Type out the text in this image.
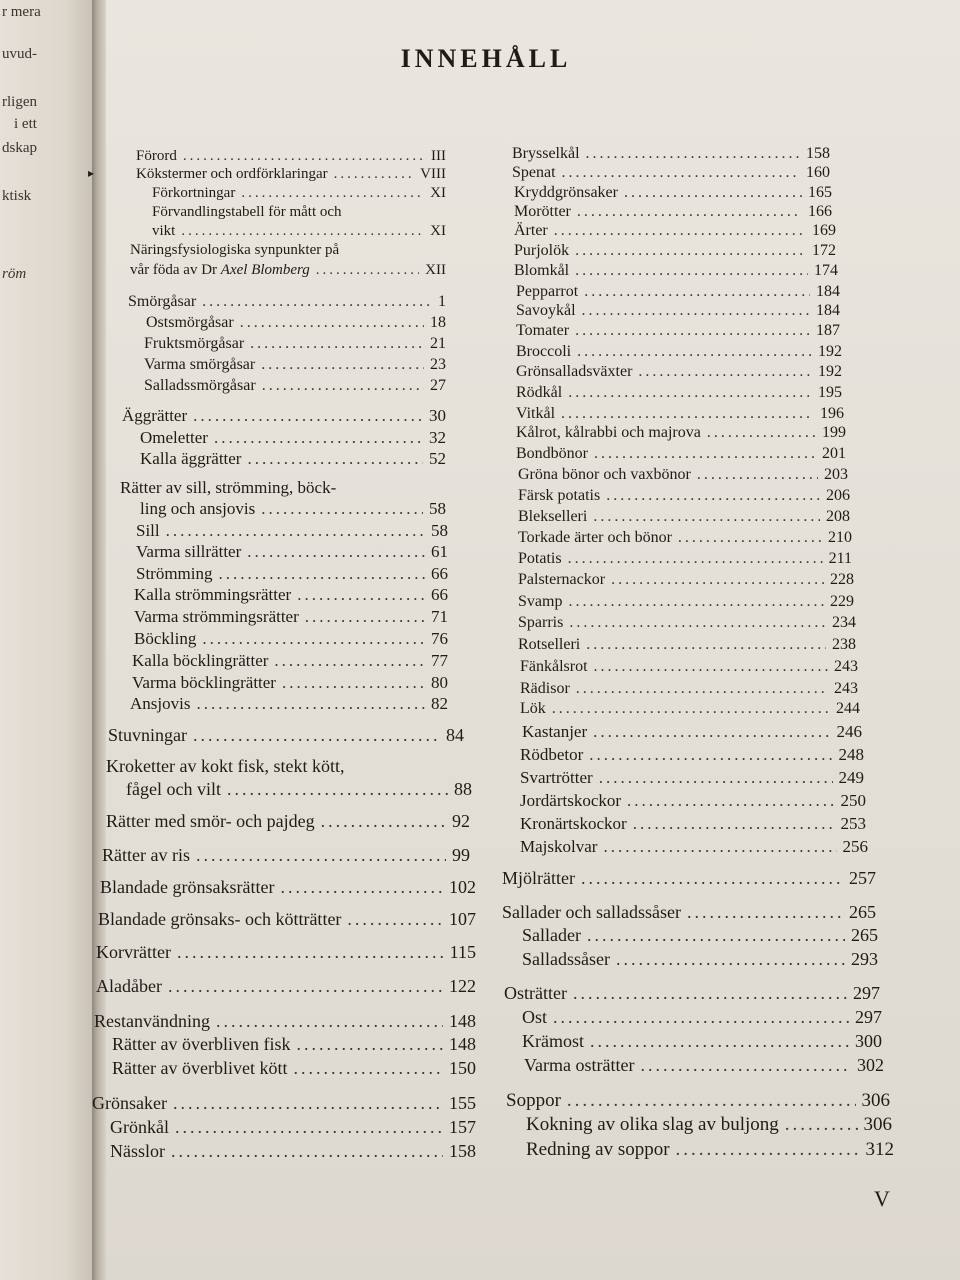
r mera
uvud-
rligen
i ett
dskap
ktisk
röm
INNEHÅLL
Förord .....	III
Kökstermer och ordförklaringar .....	VIII
Förkortningar .....	XI
Förvandlingstabell för mått och
vikt .....	XI
Näringsfysiologiska synpunkter på
vår föda av Dr Axel Blomberg .....	XII
Smörgåsar .....	1
Ostsmörgåsar .....	18
Fruktsmörgåsar .....	21
Varma smörgåsar .....	23
Salladssmörgåsar .....	27
Äggrätter .....	30
Omeletter .....	32
Kalla äggrätter .....	52
Rätter av sill, strömming, böck-
ling och ansjovis .....	58
Sill .....	58
Varma sillrätter .....	61
Strömming .....	66
Kalla strömmingsrätter .....	66
Varma strömmingsrätter .....	71
Böckling .....	76
Kalla böcklingrätter .....	77
Varma böcklingrätter .....	80
Ansjovis .....	82
Stuvningar .....	84
Kroketter av kokt fisk, stekt kött,
fågel och vilt .....	88
Rätter med smör- och pajdeg .....	92
Rätter av ris .....	99
Blandade grönsaksrätter .....	102
Blandade grönsaks- och kötträtter .....	107
Korvrätter .....	115
Aladåber .....	122
Restanvändning .....	148
Rätter av överbliven fisk .....	148
Rätter av överblivet kött .....	150
Grönsaker .....	155
Grönkål .....	157
Nässlor .....	158
Brysselkål .....	158
Spenat .....	160
Kryddgrönsaker .....	165
Morötter .....	166
Ärter .....	169
Purjolök .....	172
Blomkål .....	174
Pepparrot .....	184
Savoykål .....	184
Tomater .....	187
Broccoli .....	192
Grönsalladsväxter .....	192
Rödkål .....	195
Vitkål .....	196
Kålrot, kålrabbi och majrova .....	199
Bondbönor .....	201
Gröna bönor och vaxbönor .....	203
Färsk potatis .....	206
Blekselleri .....	208
Torkade ärter och bönor .....	210
Potatis .....	211
Palsternackor .....	228
Svamp .....	229
Sparris .....	234
Rotselleri .....	238
Fänkålsrot .....	243
Rädisor .....	243
Lök .....	244
Kastanjer .....	246
Rödbetor .....	248
Svartrötter .....	249
Jordärtskockor .....	250
Kronärtskockor .....	253
Majskolvar .....	256
Mjölrätter .....	257
Sallader och salladssåser .....	265
Sallader .....	265
Salladssåser .....	293
Osträtter .....	297
Ost .....	297
Krämost .....	300
Varma osträtter .....	302
Soppor .....	306
Kokning av olika slag av buljong .....	306
Redning av soppor .....	312
V
▸
